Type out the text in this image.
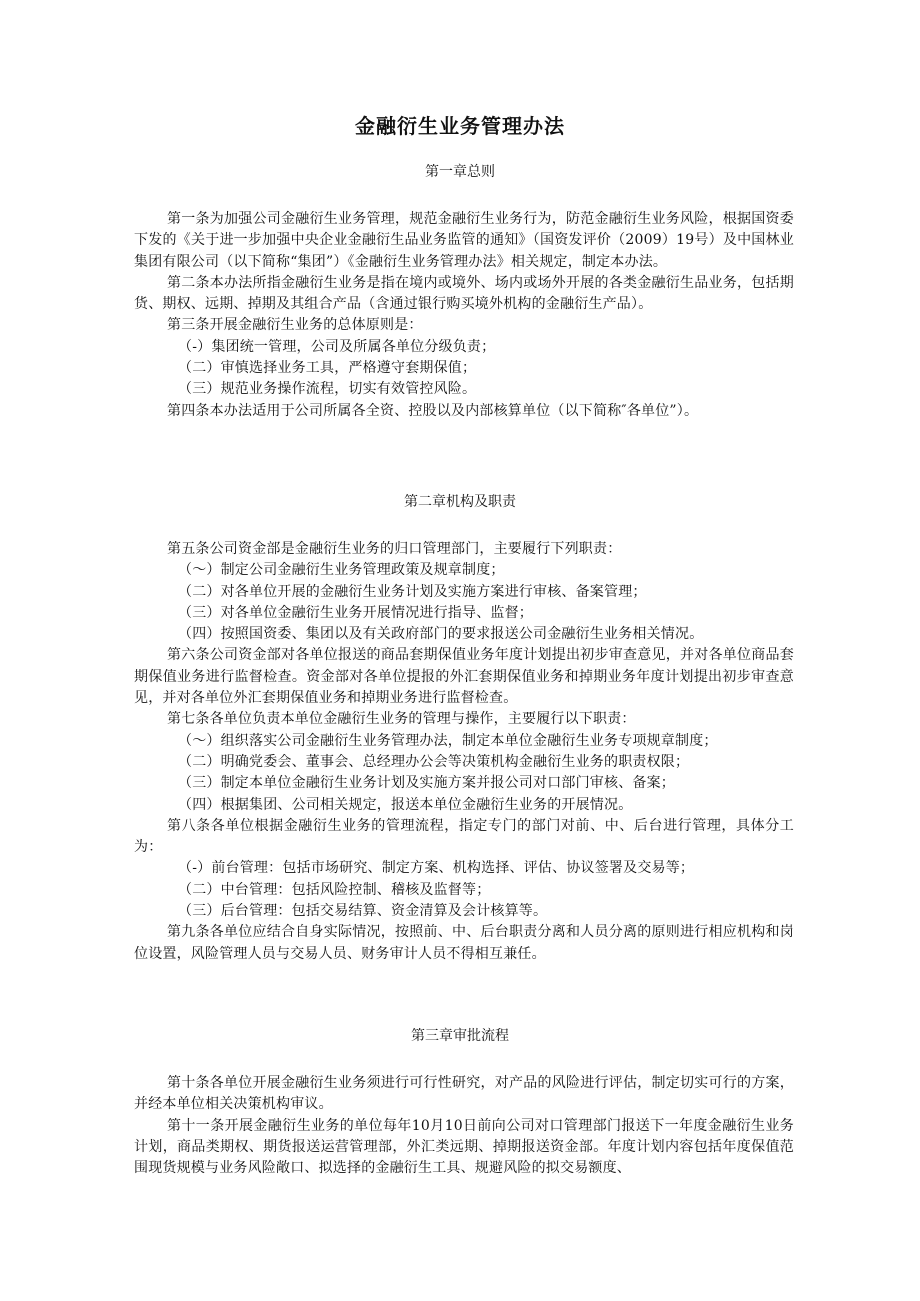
金融衍生业务管理办法
第一章总则

第一条为加强公司金融衍生业务管理，规范金融衍生业务行为，防范金融衍生业务风险，根据国资委下发的《关于进一步加强中央企业金融衍生品业务监管的通知》（国资发评价（2009）19号）及中国林业集团有限公司（以下简称“集团”）《金融衍生业务管理办法》相关规定，制定本办法。

第二条本办法所指金融衍生业务是指在境内或境外、场内或场外开展的各类金融衍生品业务，包括期货、期权、远期、掉期及其组合产品（含通过银行购买境外机构的金融衍生产品）。

第三条开展金融衍生业务的总体原则是：

（-）集团统一管理，公司及所属各单位分级负责；

（二）审慎选择业务工具，严格遵守套期保值；

（三）规范业务操作流程，切实有效管控风险。

第四条本办法适用于公司所属各全资、控股以及内部核算单位（以下简称″各单位”）。

第二章机构及职责

第五条公司资金部是金融衍生业务的归口管理部门，主要履行下列职责：

（〜）制定公司金融衍生业务管理政策及规章制度；

（二）对各单位开展的金融衍生业务计划及实施方案进行审核、备案管理；

（三）对各单位金融衍生业务开展情况进行指导、监督；

（四）按照国资委、集团以及有关政府部门的要求报送公司金融衍生业务相关情况。

第六条公司资金部对各单位报送的商品套期保值业务年度计划提出初步审查意见，并对各单位商品套期保值业务进行监督检查。资金部对各单位提报的外汇套期保值业务和掉期业务年度计划提出初步审查意见，并对各单位外汇套期保值业务和掉期业务进行监督检查。

第七条各单位负责本单位金融衍生业务的管理与操作，主要履行以下职责：

（〜）组织落实公司金融衍生业务管理办法，制定本单位金融衍生业务专项规章制度；

（二）明确党委会、董事会、总经理办公会等决策机构金融衍生业务的职责权限；

（三）制定本单位金融衍生业务计划及实施方案并报公司对口部门审核、备案；

（四）根据集团、公司相关规定，报送本单位金融衍生业务的开展情况。

第八条各单位根据金融衍生业务的管理流程，指定专门的部门对前、中、后台进行管理，具体分工为：

（-）前台管理：包括市场研究、制定方案、机构选择、评估、协议签署及交易等；

（二）中台管理：包括风险控制、稽核及监督等；

（三）后台管理：包括交易结算、资金清算及会计核算等。

第九条各单位应结合自身实际情况，按照前、中、后台职责分离和人员分离的原则进行相应机构和岗位设置，风险管理人员与交易人员、财务审计人员不得相互兼任。

第三章审批流程

第十条各单位开展金融衍生业务须进行可行性研究，对产品的风险进行评估，制定切实可行的方案，并经本单位相关决策机构审议。

第十一条开展金融衍生业务的单位每年10月10日前向公司对口管理部门报送下一年度金融衍生业务计划，商品类期权、期货报送运营管理部，外汇类远期、掉期报送资金部。年度计划内容包括年度保值范围现货规模与业务风险敞口、拟选择的金融衍生工具、规避风险的拟交易额度、
